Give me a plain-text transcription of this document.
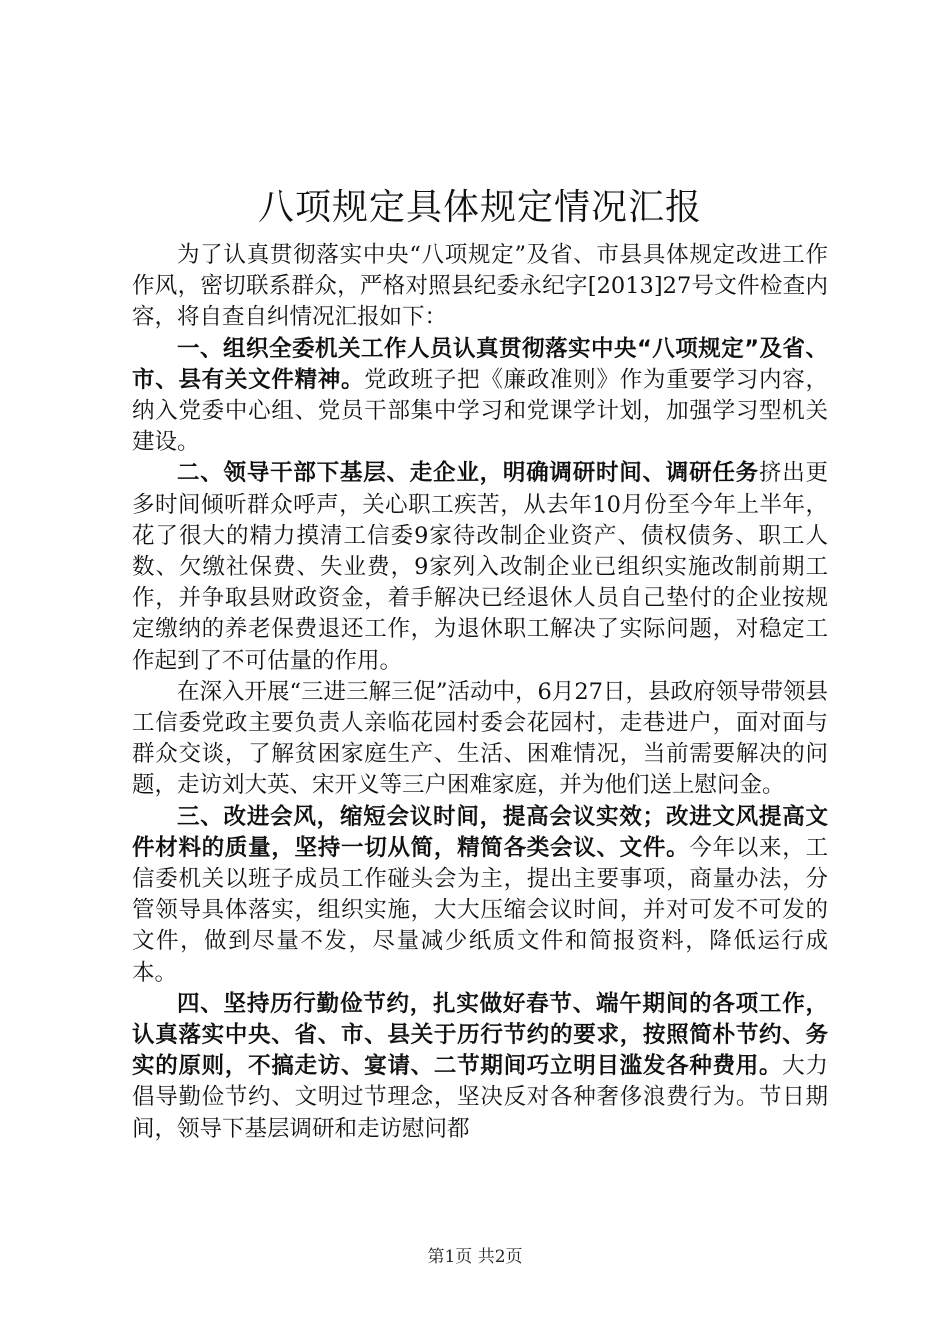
八项规定具体规定情况汇报

为了认真贯彻落实中央“八项规定”及省、市县具体规定改进工作作风，密切联系群众，严格对照县纪委永纪字[2013]27号文件检查内容，将自查自纠情况汇报如下：

一、组织全委机关工作人员认真贯彻落实中央“八项规定”及省、市、县有关文件精神。党政班子把《廉政准则》作为重要学习内容，纳入党委中心组、党员干部集中学习和党课学计划，加强学习型机关建设。

二、领导干部下基层、走企业，明确调研时间、调研任务挤出更多时间倾听群众呼声，关心职工疾苦，从去年10月份至今年上半年，花了很大的精力摸清工信委9家待改制企业资产、债权债务、职工人数、欠缴社保费、失业费，9家列入改制企业已组织实施改制前期工作，并争取县财政资金，着手解决已经退休人员自己垫付的企业按规定缴纳的养老保费退还工作，为退休职工解决了实际问题，对稳定工作起到了不可估量的作用。

在深入开展“三进三解三促”活动中，6月27日，县政府领导带领县工信委党政主要负责人亲临花园村委会花园村，走巷进户，面对面与群众交谈，了解贫困家庭生产、生活、困难情况，当前需要解决的问题，走访刘大英、宋开义等三户困难家庭，并为他们送上慰问金。

三、改进会风，缩短会议时间，提高会议实效；改进文风提高文件材料的质量，坚持一切从简，精简各类会议、文件。今年以来，工信委机关以班子成员工作碰头会为主，提出主要事项，商量办法，分管领导具体落实，组织实施，大大压缩会议时间，并对可发不可发的文件，做到尽量不发，尽量减少纸质文件和简报资料，降低运行成本。

四、坚持历行勤俭节约，扎实做好春节、端午期间的各项工作，认真落实中央、省、市、县关于历行节约的要求，按照简朴节约、务实的原则，不搞走访、宴请、二节期间巧立明目滥发各种费用。大力倡导勤俭节约、文明过节理念，坚决反对各种奢侈浪费行为。节日期间，领导下基层调研和走访慰问都

第1页 共2页
